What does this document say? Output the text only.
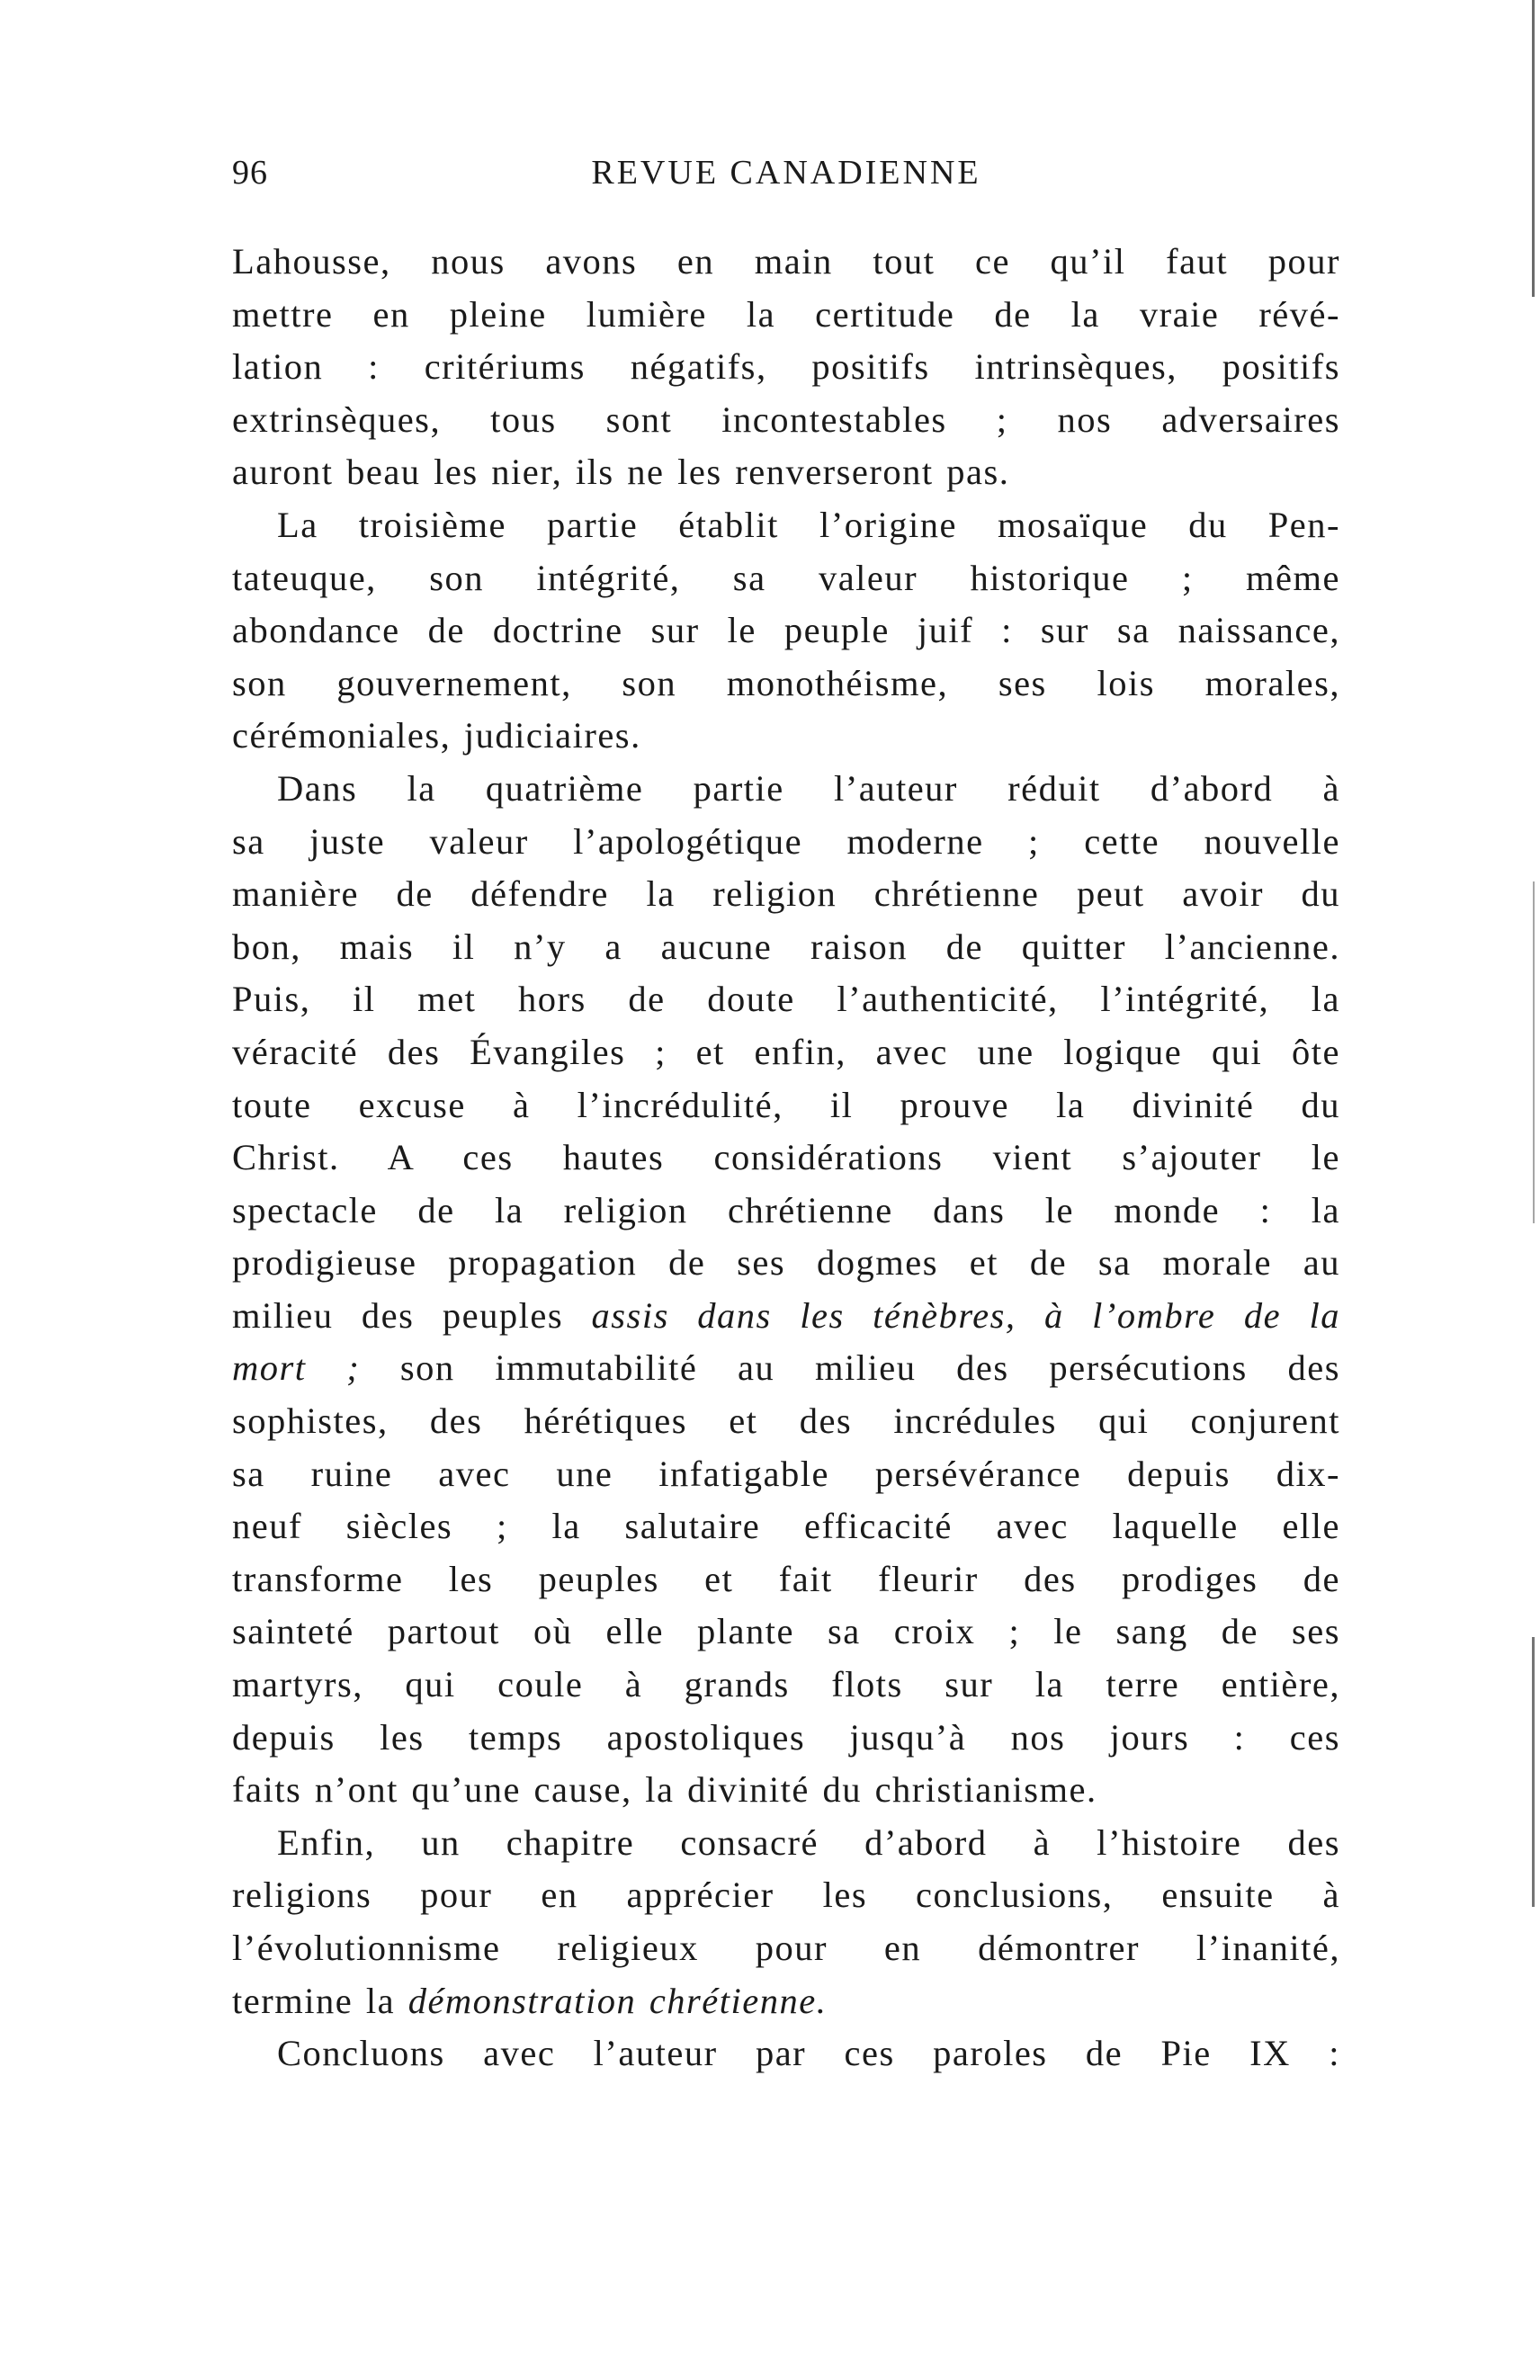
96	REVUE CANADIENNE
Lahousse, nous avons en main tout ce qu’il faut pour
mettre en pleine lumière la certitude de la vraie révé-
lation : critériums négatifs, positifs intrinsèques, positifs
extrinsèques, tous sont incontestables ; nos adversaires
auront beau les nier, ils ne les renverseront pas.
La troisième partie établit l’origine mosaïque du Pen-
tateuque, son intégrité, sa valeur historique ; même
abondance de doctrine sur le peuple juif : sur sa naissance,
son gouvernement, son monothéisme, ses lois morales,
cérémoniales, judiciaires.
Dans la quatrième partie l’auteur réduit d’abord à
sa juste valeur l’apologétique moderne ; cette nouvelle
manière de défendre la religion chrétienne peut avoir du
bon, mais il n’y a aucune raison de quitter l’ancienne.
Puis, il met hors de doute l’authenticité, l’intégrité, la
véracité des Évangiles ; et enfin, avec une logique qui ôte
toute excuse à l’incrédulité, il prouve la divinité du
Christ. A ces hautes considérations vient s’ajouter le
spectacle de la religion chrétienne dans le monde : la
prodigieuse propagation de ses dogmes et de sa morale au
milieu des peuples assis dans les ténèbres, à l’ombre de la
mort ; son immutabilité au milieu des persécutions des
sophistes, des hérétiques et des incrédules qui conjurent
sa ruine avec une infatigable persévérance depuis dix-
neuf siècles ; la salutaire efficacité avec laquelle elle
transforme les peuples et fait fleurir des prodiges de
sainteté partout où elle plante sa croix ; le sang de ses
martyrs, qui coule à grands flots sur la terre entière,
depuis les temps apostoliques jusqu’à nos jours : ces
faits n’ont qu’une cause, la divinité du christianisme.
Enfin, un chapitre consacré d’abord à l’histoire des
religions pour en apprécier les conclusions, ensuite à
l’évolutionnisme religieux pour en démontrer l’inanité,
termine la démonstration chrétienne.
Concluons avec l’auteur par ces paroles de Pie IX :
